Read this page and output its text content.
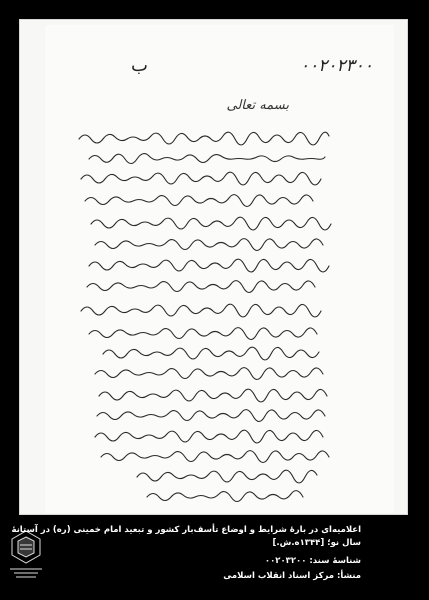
٠٠٢٠٢٣٠٠
ب
بسمه تعالی
اعلامیه‌ای در بارهٔ شرایط و اوضاع تأسف‌بار کشور و تبعید امام خمینی (ره) در آستانهٔ سال نو؛ [۱۳۴۴ه.ش.]
شناسهٔ سند: ۰۰۲۰۳۲۰۰
منشأ: مرکز اسناد انقلاب اسلامی
